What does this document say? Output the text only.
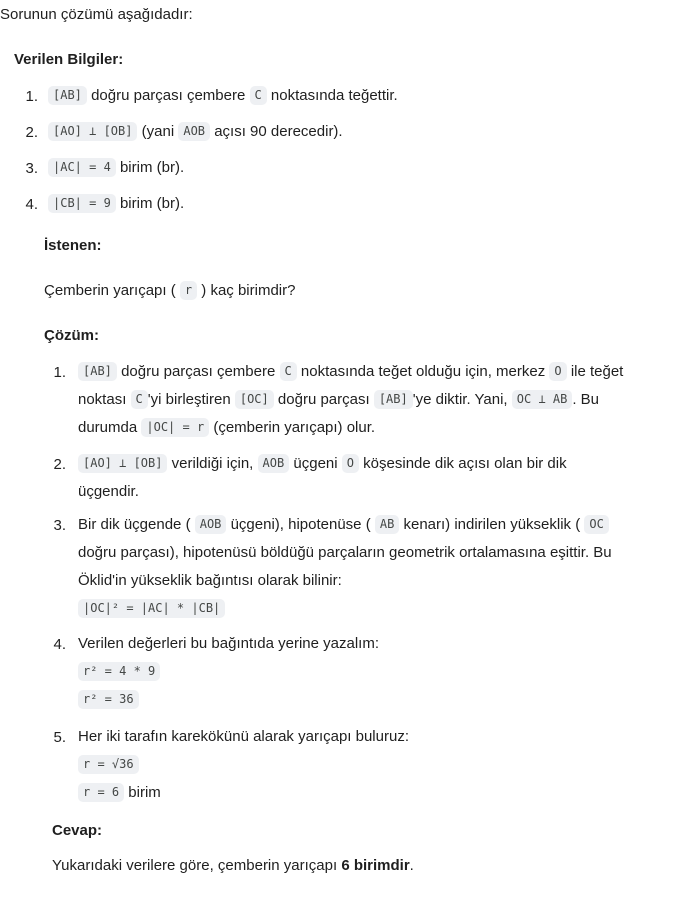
Sorunun çözümü aşağıdadır:
Verilen Bilgiler:
1.	[AB] doğru parçası çembere C noktasında teğettir.
2.	[AO] ⊥ [OB] (yani AOB açısı 90 derecedir).
3.	|AC| = 4 birim (br).
4.	|CB| = 9 birim (br).
İstenen:
Çemberin yarıçapı ( r ) kaç birimdir?
Çözüm:
1.	[AB] doğru parçası çembere C noktasında teğet olduğu için, merkez O ile teğet
noktası C 'yi birleştiren [OC] doğru parçası [AB] 'ye diktir. Yani, OC ⊥ AB . Bu
durumda |OC| = r (çemberin yarıçapı) olur.
2.	[AO] ⊥ [OB] verildiği için, AOB üçgeni O köşesinde dik açısı olan bir dik
üçgendir.
3. Bir dik üçgende ( AOB üçgeni), hipotenüse ( AB kenarı) indirilen yükseklik ( OC
doğru parçası), hipotenüsü böldüğü parçaların geometrik ortalamasına eşittir. Bu
Öklid'in yükseklik bağıntısı olarak bilinir:
|OC|² = |AC| * |CB|
4. Verilen değerleri bu bağıntıda yerine yazalım:
r² = 4 * 9
r² = 36
5. Her iki tarafın karekökünü alarak yarıçapı buluruz:
r = √36
r = 6 birim
Cevap:
Yukarıdaki verilere göre, çemberin yarıçapı 6 birimdir.
